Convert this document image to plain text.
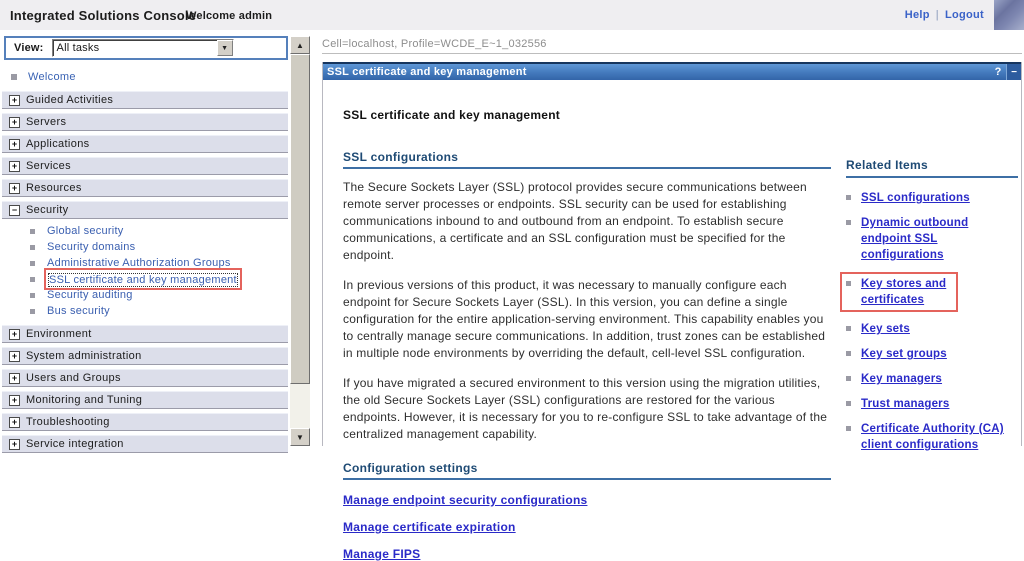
Integrated Solutions Console
Welcome admin	Help | Logout
View: All tasks	▼	▲
▼
Welcome
+ Guided Activities
+ Servers
+ Applications
+ Services
+ Resources
− Security
Global security
Security domains
Administrative Authorization Groups
SSL certificate and key management
Security auditing
Bus security
+ Environment
+ System administration
+ Users and Groups
+ Monitoring and Tuning
+ Troubleshooting
+ Service integration
Cell=localhost, Profile=WCDE_E~1_032556
SSL certificate and key management	? −
SSL certificate and key management
SSL configurations

The Secure Sockets Layer (SSL) protocol provides secure communications between remote server processes or endpoints. SSL security can be used for establishing communications inbound to and outbound from an endpoint. To establish secure communications, a certificate and an SSL configuration must be specified for the endpoint.

In previous versions of this product, it was necessary to manually configure each endpoint for Secure Sockets Layer (SSL). In this version, you can define a single configuration for the entire application-serving environment. This capability enables you to centrally manage secure communications. In addition, trust zones can be established in multiple node environments by overriding the default, cell-level SSL configuration.

If you have migrated a secured environment to this version using the migration utilities, the old Secure Sockets Layer (SSL) configurations are restored for the various endpoints. However, it is necessary for you to re-configure SSL to take advantage of the centralized management capability.

Configuration settings
Manage endpoint security configurations
Manage certificate expiration
Manage FIPS
Related Items
SSL configurations
Dynamic outbound endpoint SSL configurations
Key stores and certificates
Key sets
Key set groups
Key managers
Trust managers
Certificate Authority (CA) client configurations
